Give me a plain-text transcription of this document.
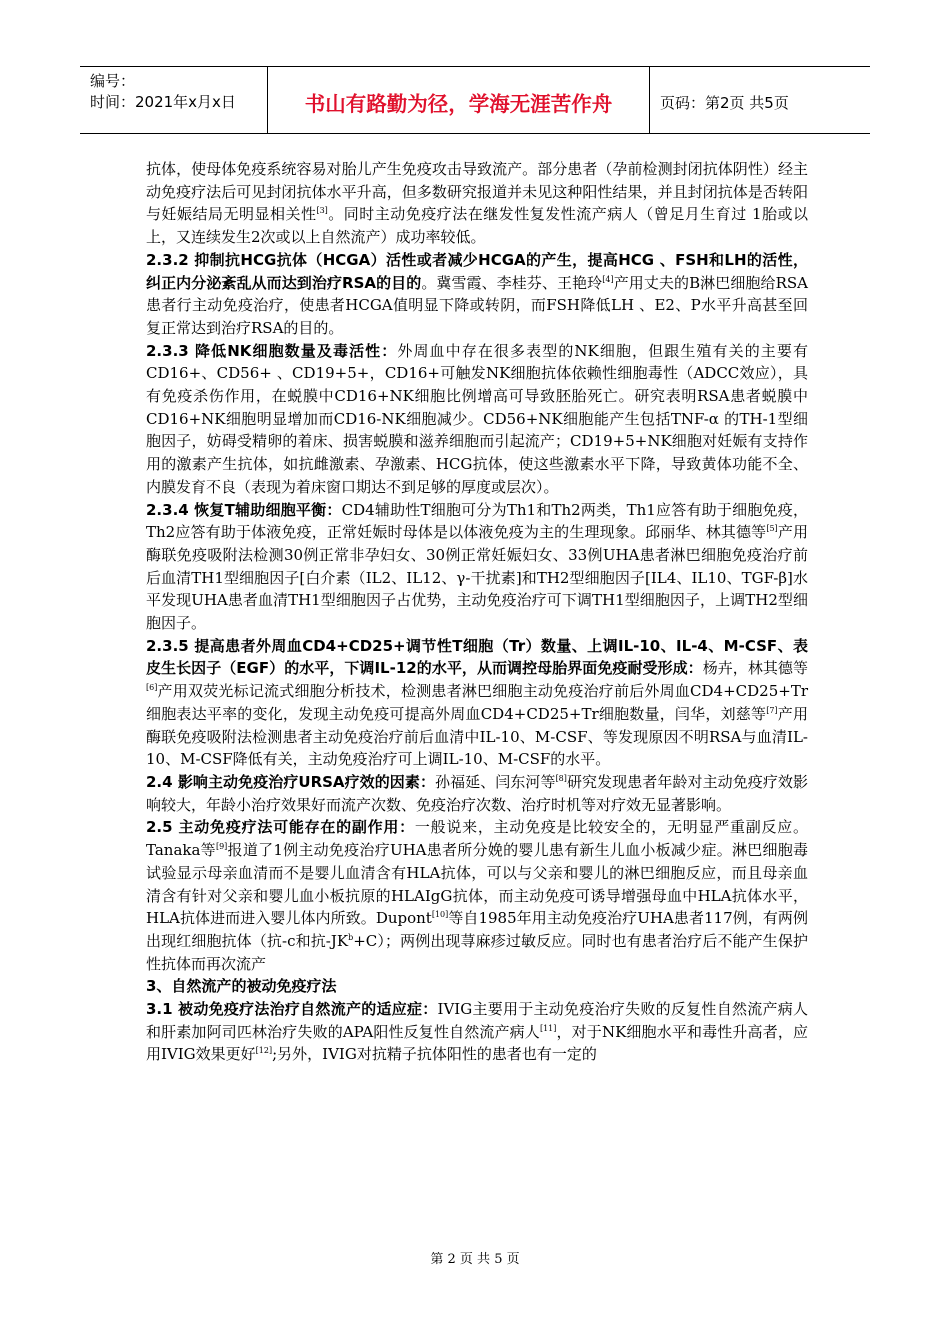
编号：
时间：2021年x月x日	书山有路勤为径，学海无涯苦作舟	页码：第2页 共5页

抗体，使母体免疫系统容易对胎儿产生免疫攻击导致流产。部分患者（孕前检测封闭抗体阴性）经主动免疫疗法后可见封闭抗体水平升高，但多数研究报道并未见这种阳性结果，并且封闭抗体是否转阳与妊娠结局无明显相关性[3]。同时主动免疫疗法在继发性复发性流产病人（曾足月生育过 1胎或以上，又连续发生2次或以上自然流产）成功率较低。

2.3.2 抑制抗HCG抗体（HCGA）活性或者减少HCGA的产生，提高HCG 、FSH和LH的活性，纠正内分泌紊乱从而达到治疗RSA的目的。冀雪霞、李桂芬、王艳玲[4]产用丈夫的B淋巴细胞给RSA患者行主动免疫治疗，使患者HCGA值明显下降或转阴，而FSH降低LH 、E2、P水平升高甚至回复正常达到治疗RSA的目的。

2.3.3 降低NK细胞数量及毒活性：外周血中存在很多表型的NK细胞，但跟生殖有关的主要有CD16+、CD56+ 、CD19+5+，CD16+可触发NK细胞抗体依赖性细胞毒性（ADCC效应），具有免疫杀伤作用，在蜕膜中CD16+NK细胞比例增高可导致胚胎死亡。研究表明RSA患者蜕膜中CD16+NK细胞明显增加而CD16-NK细胞减少。CD56+NK细胞能产生包括TNF-α 的TH-1型细胞因子，妨碍受精卵的着床、损害蜕膜和滋养细胞而引起流产；CD19+5+NK细胞对妊娠有支持作用的激素产生抗体，如抗雌激素、孕激素、HCG抗体，使这些激素水平下降，导致黄体功能不全、内膜发育不良（表现为着床窗口期达不到足够的厚度或层次）。

2.3.4 恢复T辅助细胞平衡：CD4辅助性T细胞可分为Th1和Th2两类，Th1应答有助于细胞免疫，Th2应答有助于体液免疫，正常妊娠时母体是以体液免疫为主的生理现象。邱丽华、林其德等[5]产用酶联免疫吸附法检测30例正常非孕妇女、30例正常妊娠妇女、33例UHA患者淋巴细胞免疫治疗前后血清TH1型细胞因子[白介素（IL2、IL12、γ-干扰素]和TH2型细胞因子[IL4、IL10、TGF-β]水平发现UHA患者血清TH1型细胞因子占优势，主动免疫治疗可下调TH1型细胞因子，上调TH2型细胞因子。

2.3.5 提高患者外周血CD4+CD25+调节性T细胞（Tr）数量、上调IL-10、IL-4、M-CSF、表皮生长因子（EGF）的水平，下调IL-12的水平，从而调控母胎界面免疫耐受形成：杨卉，林其德等[6]产用双荧光标记流式细胞分析技术，检测患者淋巴细胞主动免疫治疗前后外周血CD4+CD25+Tr细胞表达平率的变化，发现主动免疫可提高外周血CD4+CD25+Tr细胞数量，闫华，刘慈等[7]产用酶联免疫吸附法检测患者主动免疫治疗前后血清中IL-10、M-CSF、等发现原因不明RSA与血清IL-10、M-CSF降低有关，主动免疫治疗可上调IL-10、M-CSF的水平。

2.4 影响主动免疫治疗URSA疗效的因素：孙福延、闫东河等[8]研究发现患者年龄对主动免疫疗效影响较大，年龄小治疗效果好而流产次数、免疫治疗次数、治疗时机等对疗效无显著影响。

2.5 主动免疫疗法可能存在的副作用：一般说来，主动免疫是比较安全的，无明显严重副反应。Tanaka等[9]报道了1例主动免疫治疗UHA患者所分娩的婴儿患有新生儿血小板减少症。淋巴细胞毒试验显示母亲血清而不是婴儿血清含有HLA抗体，可以与父亲和婴儿的淋巴细胞反应，而且母亲血清含有针对父亲和婴儿血小板抗原的HLAIgG抗体，而主动免疫可诱导增强母血中HLA抗体水平，HLA抗体进而进入婴儿体内所致。Dupont[10]等自1985年用主动免疫治疗UHA患者117例，有两例出现红细胞抗体（抗-c和抗$-JK^b+C$）；两例出现荨麻疹过敏反应。同时也有患者治疗后不能产生保护性抗体而再次流产

3、自然流产的被动免疫疗法

3.1 被动免疫疗法治疗自然流产的适应症：IVIG主要用于主动免疫治疗失败的反复性自然流产病人和肝素加阿司匹林治疗失败的APA阳性反复性自然流产病人[11]，对于NK细胞水平和毒性升高者，应用IVIG效果更好[12];另外，IVIG对抗精子抗体阳性的患者也有一定的

第 2 页 共 5 页
